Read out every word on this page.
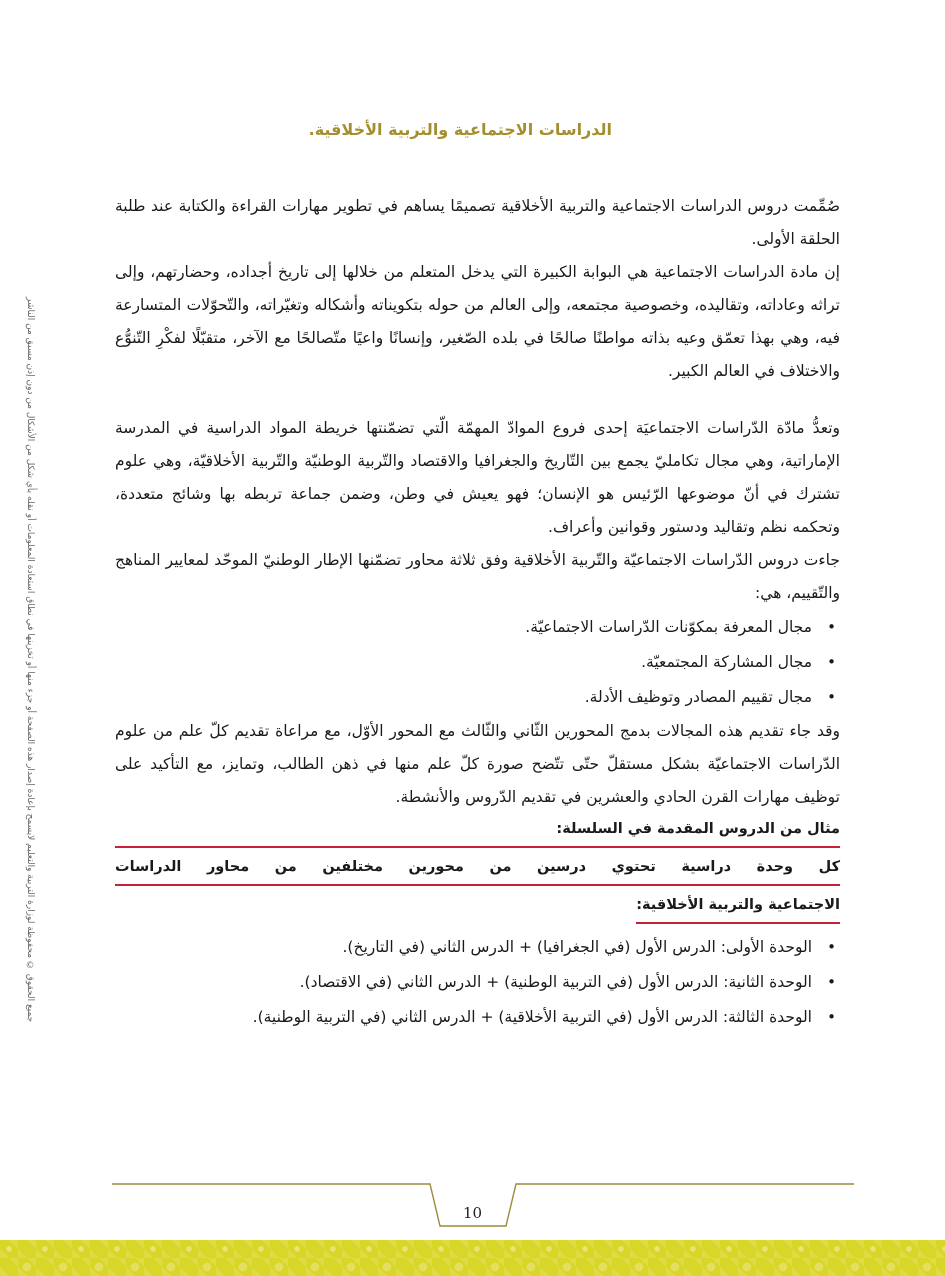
الدراسات الاجتماعية والتربية الأخلاقية.
جميع الحقوق © محفوظة لوزارة التربية والتعليم لايسمح بإعادة إصدار هذه الصفحة أو جزء منها أو تخزينها في نطاق استعادة المعلومات أو نقله بأي شكل من الأشكال من دون إذن مسبق من الناشر

صُمِّمت دروس الدراسات الاجتماعية والتربية الأخلاقية تصميمًا يساهم في تطوير مهارات القراءة والكتابة عند طلبة الحلقة الأولى.

إن مادة الدراسات الاجتماعية هي البوابة الكبيرة التي يدخل المتعلم من خلالها إلى تاريخ أجداده، وحضارتهم، وإلى تراثه وعاداته، وتقاليده، وخصوصية مجتمعه، وإلى العالم من حوله بتكويناته وأشكاله وتغيّراته، والتّحوّلات المتسارعة فيه، وهي بهذا تعمّق وعيه بذاته مواطنًا صالحًا في بلده الصّغير، وإنسانًا واعيًا متّصالحًا مع الآخر، متقبّلًا لفكْرِ التّنوُّع والاختلاف في العالم الكبير.

وتعدُّ مادّة الدّراسات الاجتماعيَة إحدى فروع الموادّ المهمّة الّتي تضمّنتها خريطة المواد الدراسية في المدرسة الإماراتية، وهي مجال تكامليّ يجمع بين التّاريخ والجغرافيا والاقتصاد والتّربية الوطنيّة والتّربية الأخلاقيّة، وهي علوم تشترك في أنّ موضوعها الرّئيس هو الإنسان؛ فهو يعيش في وطن، وضمن جماعة تربطه بها وشائج متعددة، وتحكمه نظم وتقاليد ودستور وقوانين وأعراف.

جاءت دروس الدّراسات الاجتماعيّة والتّربية الأخلاقية وفق ثلاثة محاور تضمّنها الإطار الوطنيّ الموحّد لمعايير المناهج والتّقييم، هي:

• مجال المعرفة بمكوّنات الدّراسات الاجتماعيّة.
• مجال المشاركة المجتمعيّة.
• مجال تقييم المصادر وتوظيف الأدلة.

وقد جاء تقديم هذه المجالات بدمج المحورين الثّاني والثّالث مع المحور الأوّل، مع مراعاة تقديم كلّ علم من علوم الدّراسات الاجتماعيّة بشكل مستقلّ حتّى تتّضح صورة كلّ علم منها في ذهن الطالب، وتمايز، مع التأكيد على توظيف مهارات القرن الحادي والعشرين في تقديم الدّروس والأنشطة.

مثال من الدروس المقدمة في السلسلة:
كل وحدة دراسية تحتوي درسين من محورين مختلفين من محاور الدراسات
الاجتماعية والتربية الأخلاقية:
• الوحدة الأولى: الدرس الأول (في الجغرافيا) + الدرس الثاني (في التاريخ).
• الوحدة الثانية: الدرس الأول (في التربية الوطنية) + الدرس الثاني (في الاقتصاد).
• الوحدة الثالثة: الدرس الأول (في التربية الأخلاقية) + الدرس الثاني (في التربية الوطنية).
10
